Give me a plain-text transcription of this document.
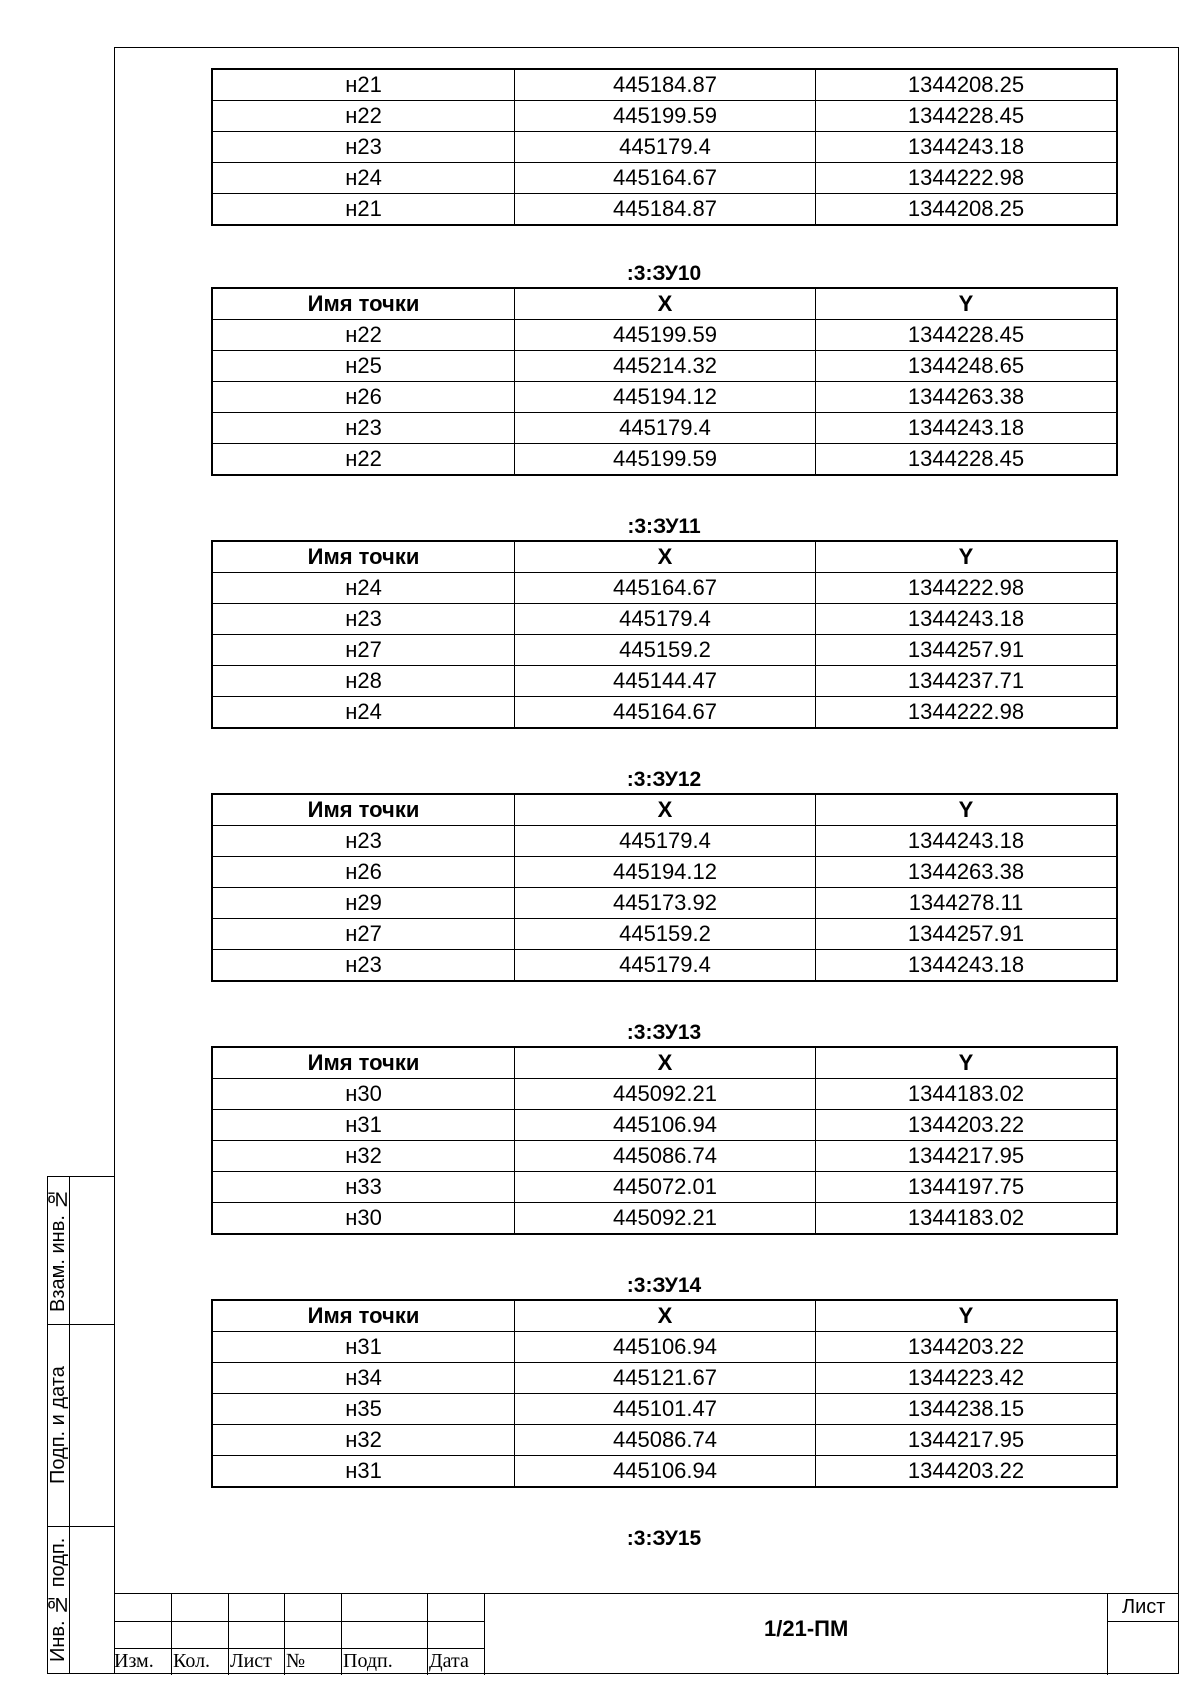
н21	445184.87	1344208.25
н22	445199.59	1344228.45
н23	445179.4	1344243.18
н24	445164.67	1344222.98
н21	445184.87	1344208.25
:3:ЗУ10
Имя точки	X	Y
н22	445199.59	1344228.45
н25	445214.32	1344248.65
н26	445194.12	1344263.38
н23	445179.4	1344243.18
н22	445199.59	1344228.45
:3:ЗУ11
Имя точки	X	Y
н24	445164.67	1344222.98
н23	445179.4	1344243.18
н27	445159.2	1344257.91
н28	445144.47	1344237.71
н24	445164.67	1344222.98
:3:ЗУ12
Имя точки	X	Y
н23	445179.4	1344243.18
н26	445194.12	1344263.38
н29	445173.92	1344278.11
н27	445159.2	1344257.91
н23	445179.4	1344243.18
:3:ЗУ13
Имя точки	X	Y
н30	445092.21	1344183.02
н31	445106.94	1344203.22
н32	445086.74	1344217.95
н33	445072.01	1344197.75
н30	445092.21	1344183.02
:3:ЗУ14
Имя точки	X	Y
н31	445106.94	1344203.22
н34	445121.67	1344223.42
н35	445101.47	1344238.15
н32	445086.74	1344217.95
н31	445106.94	1344203.22
:3:ЗУ15
Взам. инв. №
Подп. и дата
Инв. № подп. Изм. Кол. Лист № Подп. Дата
1/21-ПМ
Лист
